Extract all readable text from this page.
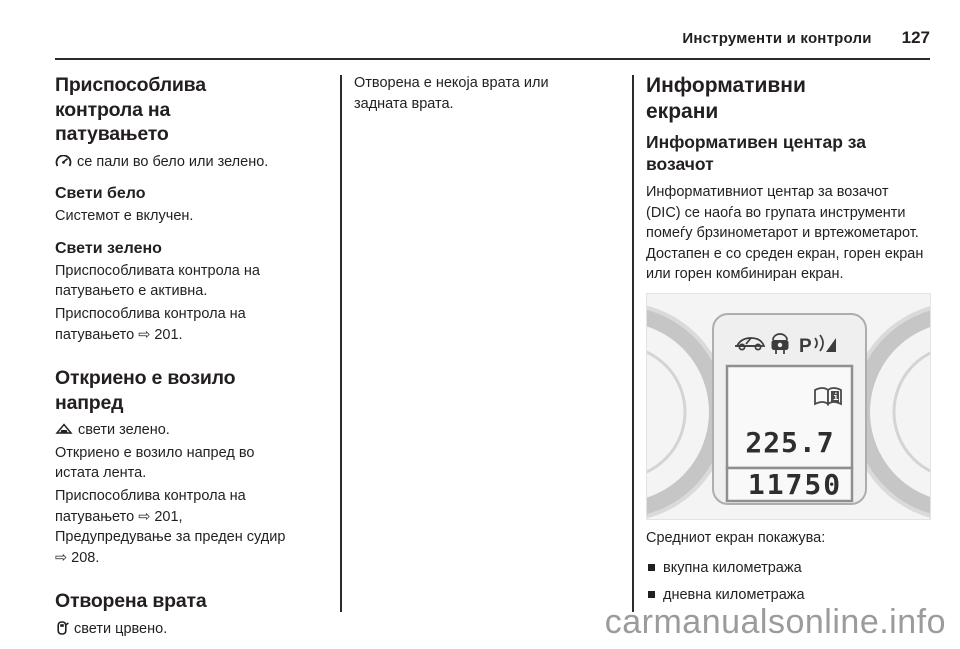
Инструменти и контроли 127
Приспособлива контрола на патувањето

се пали во бело или зелено.

Свети бело

Системот е вклучен.

Свети зелено

Приспособливата контрола на патувањето е активна.

Приспособлива контрола на патувањето ⇨ 201.

Откриено е возило напред

свети зелено.

Откриено е возило напред во истата лента.

Приспособлива контрола на патувањето ⇨ 201, Предупредување за преден судир ⇨ 208.

Отворена врата

свети црвено.

Отворена е некоја врата или задната врата.

Информативни екрани
Информативен центар за возачот

Информативниот центар за возачот (DIC) се наоѓа во групата инструменти помеѓу брзинометарот и вртежометарот. Достапен е со среден екран, горен екран или горен комбиниран екран.

P
i
225.7
11750

Средниот екран покажува:

вкупна километража
дневна километража
carmanualsonline.info
